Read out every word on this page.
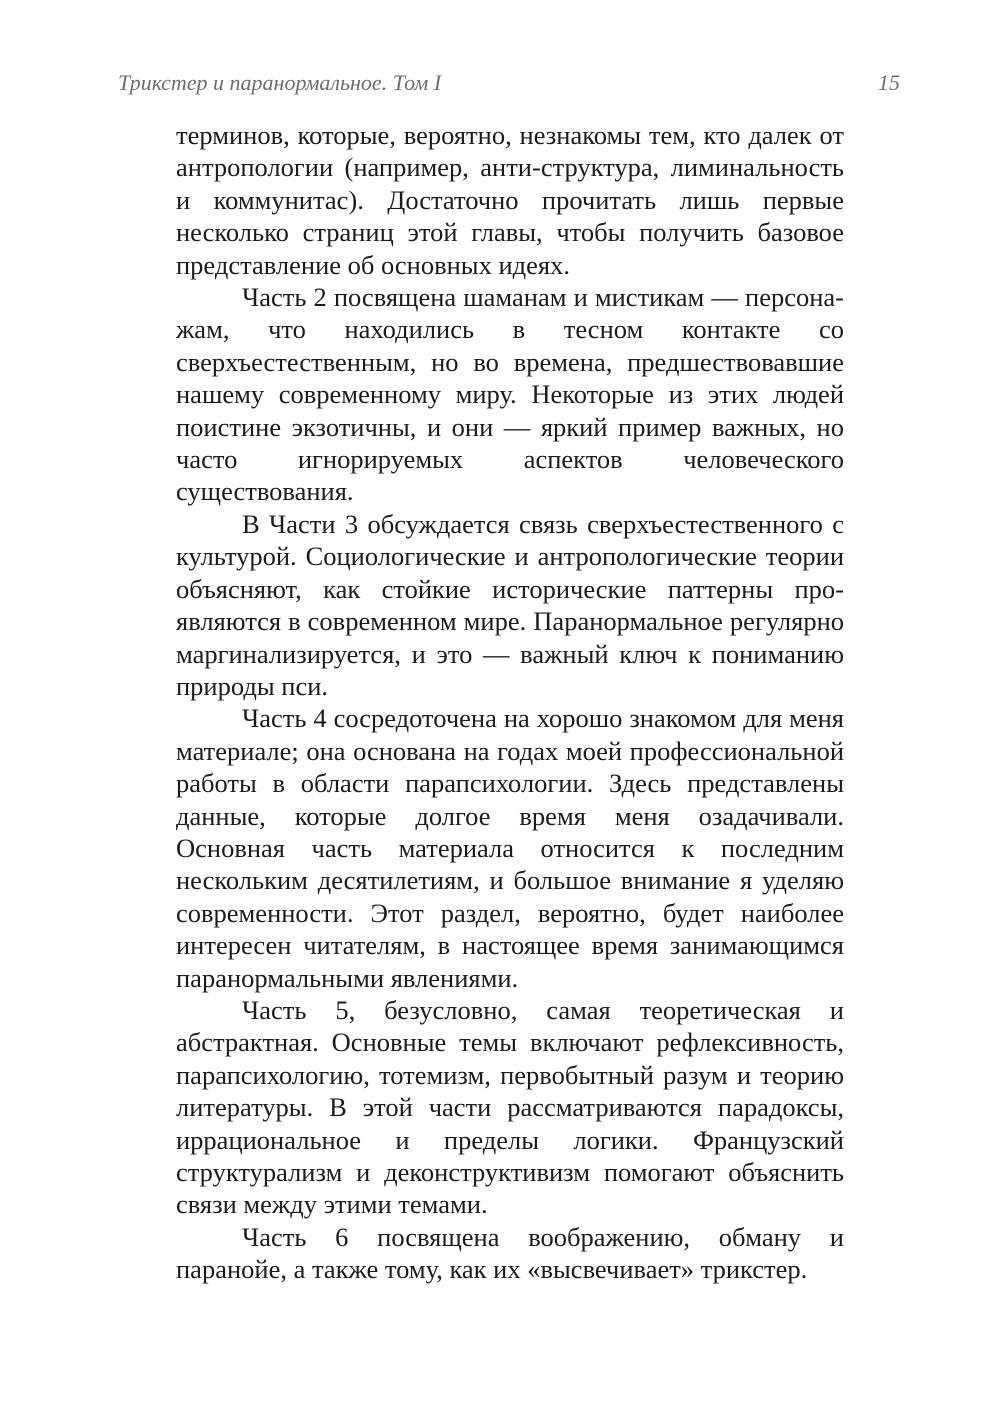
Трикстер и паранормальное. Том I	15

терминов, которые, вероятно, незнакомы тем, кто далек от антропологии (например, анти-структура, лиминальность и коммунитас). Достаточно прочитать лишь первые несколько страниц этой главы, чтобы получить базовое представление об основных идеях.

Часть 2 посвящена шаманам и мистикам — персонажам, что находились в тесном контакте со сверхъестественным, но во времена, предшествовавшие нашему современному миру. Некоторые из этих людей поистине экзотичны, и они — яркий пример важных, но часто игнорируемых аспектов человеческого существования.

В Части 3 обсуждается связь сверхъестественного с культурой. Социологические и антропологические теории объясняют, как стойкие исторические паттерны проявляются в современном мире. Паранормальное регулярно маргинализируется, и это — важный ключ к пониманию природы пси.

Часть 4 сосредоточена на хорошо знакомом для меня материале; она основана на годах моей профессиональной работы в области парапсихологии. Здесь представлены данные, которые долгое время меня озадачивали. Основная часть материала относится к последним нескольким десятилетиям, и большое внимание я уделяю современности. Этот раздел, вероятно, будет наиболее интересен читателям, в настоящее время занимающимся паранормальными явлениями.

Часть 5, безусловно, самая теоретическая и абстрактная. Основные темы включают рефлексивность, парапсихологию, тотемизм, первобытный разум и теорию литературы. В этой части рассматриваются парадоксы, иррациональное и пределы логики. Французский структурализм и деконструктивизм помогают объяснить связи между этими темами.

Часть 6 посвящена воображению, обману и паранойе, а также тому, как их «высвечивает» трикстер.
